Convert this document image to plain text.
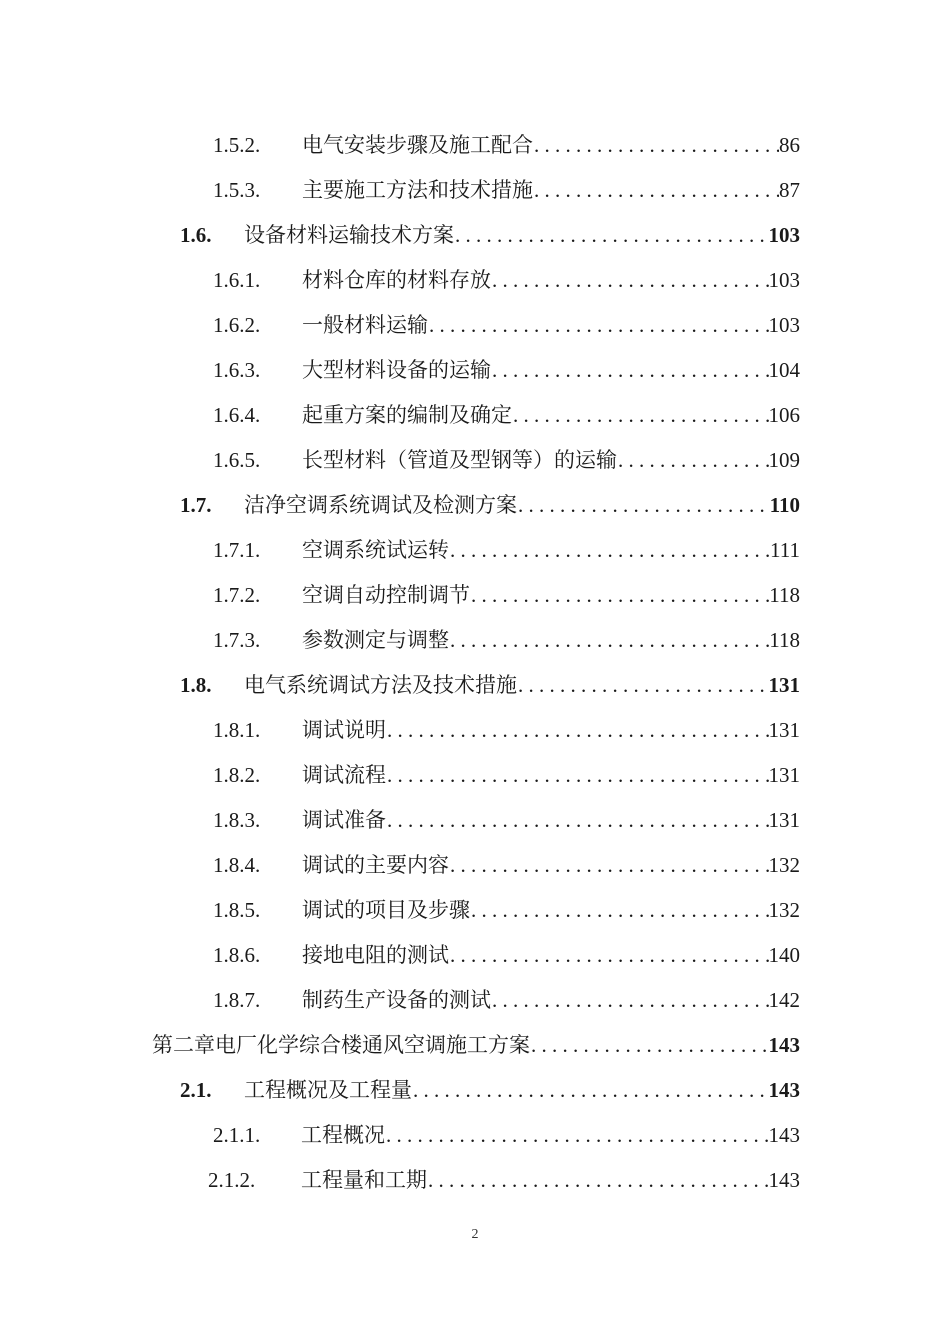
1.5.2. 电气安装步骤及施工配合 . . .	86
1.5.3. 主要施工方法和技术措施 . . .	87
1.6. 设备材料运输技术方案 . . .	103
1.6.1. 材料仓库的材料存放 . . .	103
1.6.2. 一般材料运输 . . .	103
1.6.3. 大型材料设备的运输 . . .	104
1.6.4. 起重方案的编制及确定 . . .	106
1.6.5. 长型材料（管道及型钢等）的运输 . . .	109
1.7. 洁净空调系统调试及检测方案 . . .	110
1.7.1. 空调系统试运转 . . .	111
1.7.2. 空调自动控制调节 . . .	118
1.7.3. 参数测定与调整 . . .	118
1.8. 电气系统调试方法及技术措施 . . .	131
1.8.1. 调试说明 . . .	131
1.8.2. 调试流程 . . .	131
1.8.3. 调试准备 . . .	131
1.8.4. 调试的主要内容 . . .	132
1.8.5. 调试的项目及步骤 . . .	132
1.8.6. 接地电阻的测试 . . .	140
1.8.7. 制药生产设备的测试 . . .	142
第二章电厂化学综合楼通风空调施工方案 . . .	143
2.1. 工程概况及工程量 . . .	143
2.1.1. 工程概况 . . .	143
2.1.2. 工程量和工期 . . .	143
2
